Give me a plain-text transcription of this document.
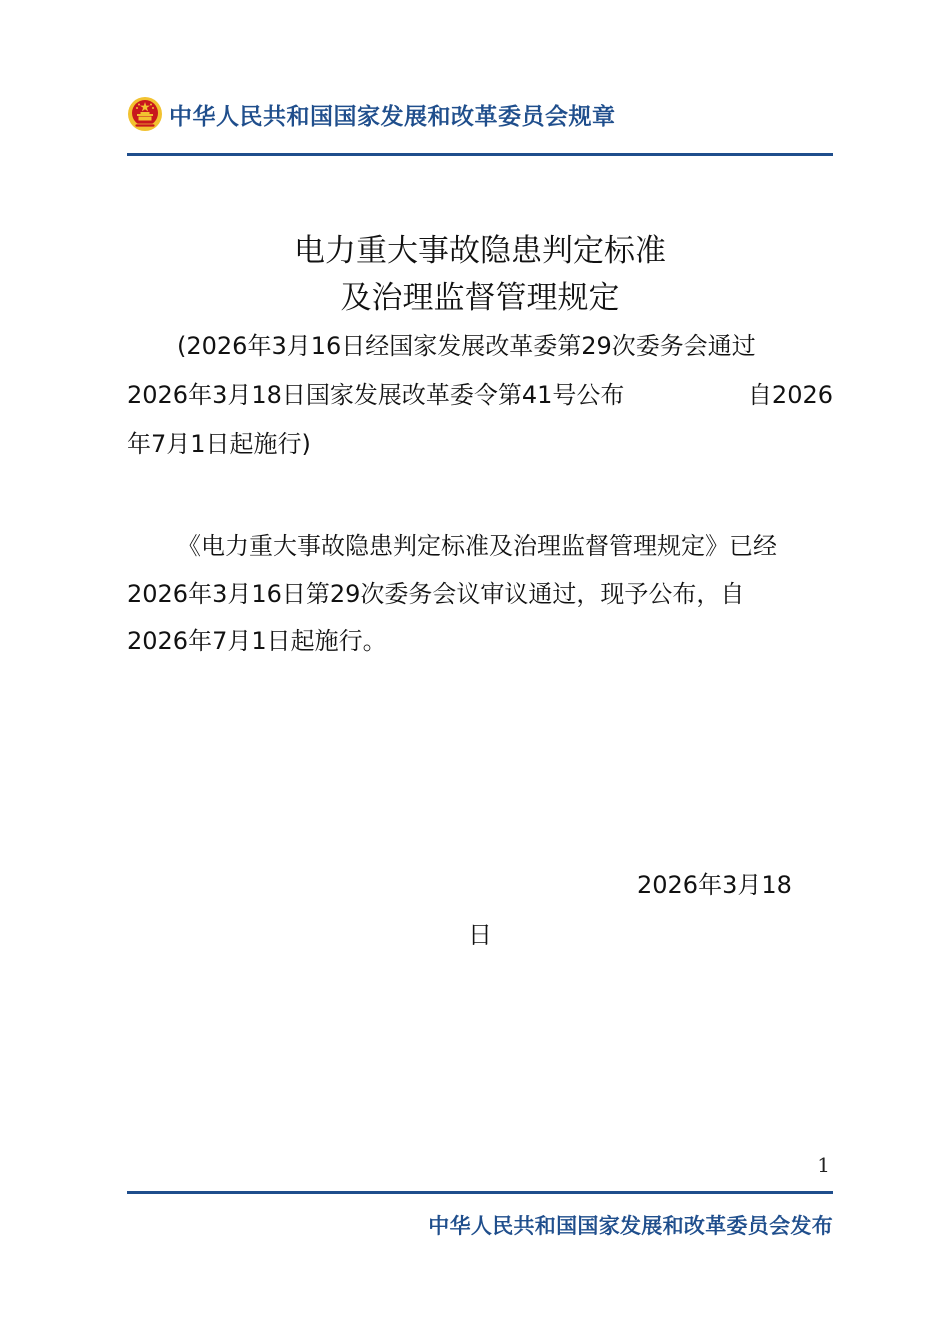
中华人民共和国国家发展和改革委员会规章
电力重大事故隐患判定标准
及治理监督管理规定
(2026年3月16日经国家发展改革委第29次委务会通过
2026年3月18日国家发展改革委令第41号公布	自2026
年7月1日起施行)
《电力重大事故隐患判定标准及治理监督管理规定》已经
2026年3月16日第29次委务会议审议通过，现予公布，自
2026年7月1日起施行。
2026年3月18
日
1
中华人民共和国国家发展和改革委员会发布
